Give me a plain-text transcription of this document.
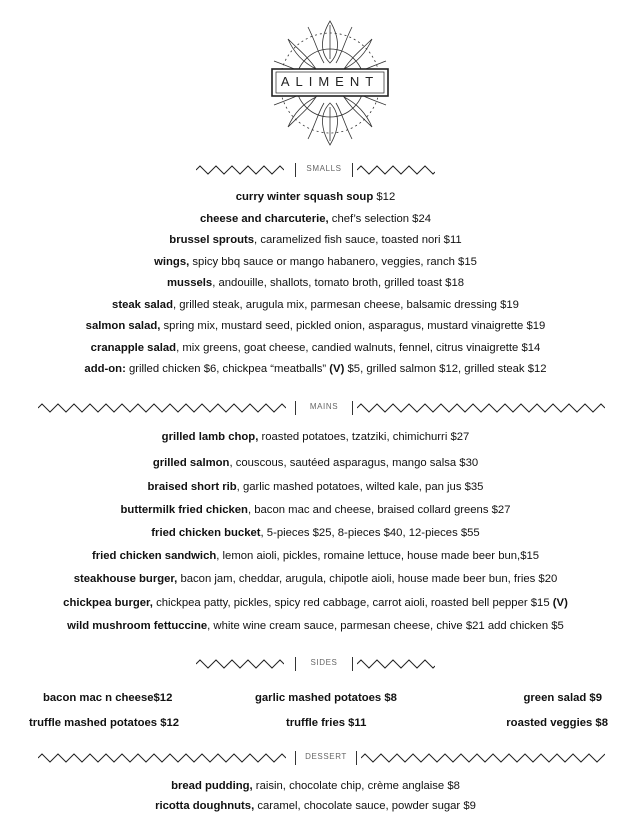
ALIMENT
SMALLS
curry winter squash soup $12
cheese and charcuterie, chef’s selection $24
brussel sprouts, caramelized fish sauce, toasted nori $11
wings, spicy bbq sauce or mango habanero, veggies, ranch $15
mussels, andouille, shallots, tomato broth, grilled toast $18
steak salad, grilled steak, arugula mix, parmesan cheese, balsamic dressing $19
salmon salad, spring mix, mustard seed, pickled onion, asparagus, mustard vinaigrette $19
cranapple salad, mix greens, goat cheese, candied walnuts, fennel, citrus vinaigrette $14
add-on: grilled chicken $6, chickpea “meatballs” (V) $5, grilled salmon $12, grilled steak $12
MAINS
grilled lamb chop, roasted potatoes, tzatziki, chimichurri $27
grilled salmon, couscous, sautéed asparagus, mango salsa $30
braised short rib, garlic mashed potatoes, wilted kale, pan jus $35
buttermilk fried chicken, bacon mac and cheese, braised collard greens $27
fried chicken bucket, 5-pieces $25, 8-pieces $40, 12-pieces $55
fried chicken sandwich, lemon aioli, pickles, romaine lettuce, house made beer bun,$15
steakhouse burger, bacon jam, cheddar, arugula, chipotle aioli, house made beer bun, fries $20
chickpea burger, chickpea patty, pickles, spicy red cabbage, carrot aioli, roasted bell pepper $15 (V)
wild mushroom fettuccine, white wine cream sauce, parmesan cheese, chive $21 add chicken $5
SIDES
bacon mac n cheese$12	garlic mashed potatoes $8	green salad $9
truffle mashed potatoes $12	truffle fries $11	roasted veggies $8
DESSERT
bread pudding, raisin, chocolate chip, crème anglaise $8
ricotta doughnuts, caramel, chocolate sauce, powder sugar $9
